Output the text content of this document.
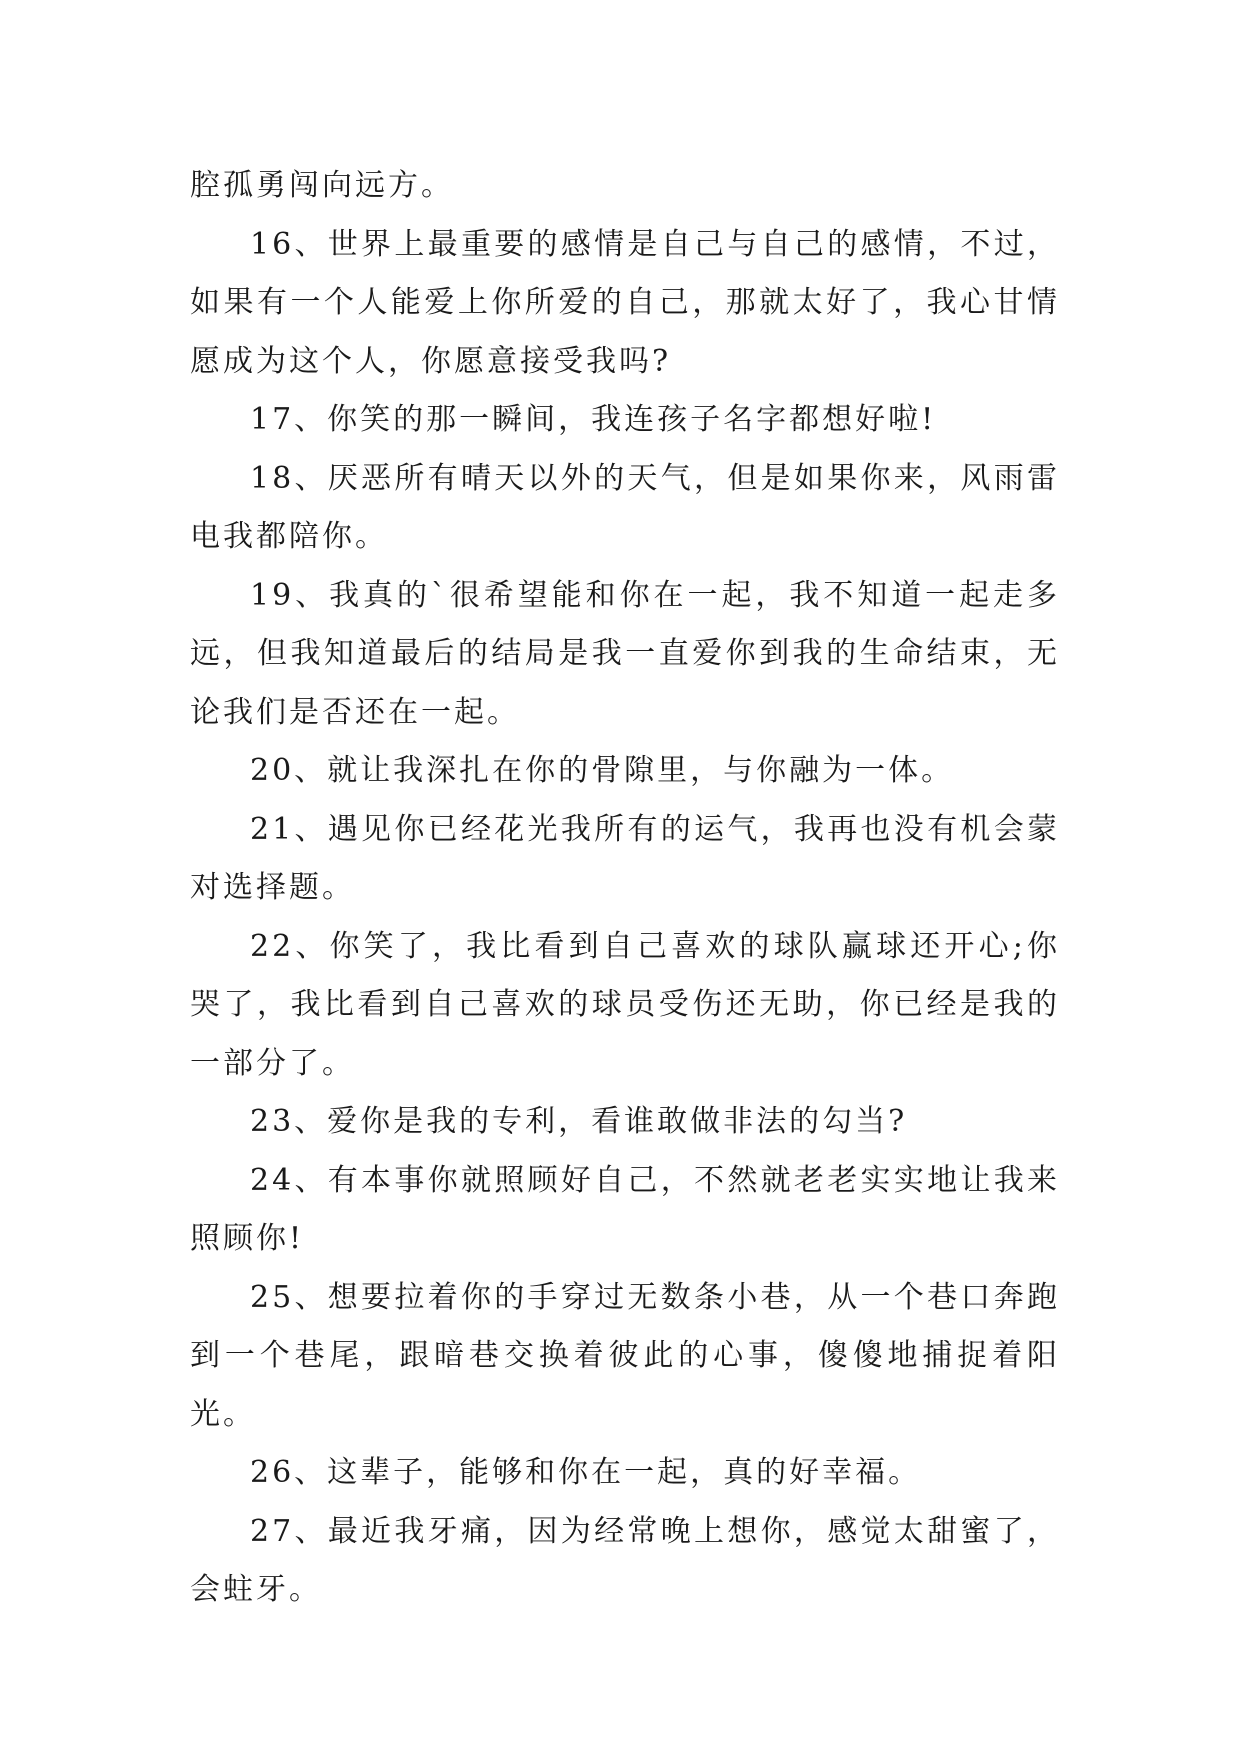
腔孤勇闯向远方。

16、世界上最重要的感情是自己与自己的感情，不过，如果有一个人能爱上你所爱的自己，那就太好了，我心甘情愿成为这个人，你愿意接受我吗?

17、你笑的那一瞬间，我连孩子名字都想好啦!

18、厌恶所有晴天以外的天气，但是如果你来，风雨雷电我都陪你。

19、我真的`很希望能和你在一起，我不知道一起走多远，但我知道最后的结局是我一直爱你到我的生命结束，无论我们是否还在一起。

20、就让我深扎在你的骨隙里，与你融为一体。

21、遇见你已经花光我所有的运气，我再也没有机会蒙对选择题。

22、你笑了，我比看到自己喜欢的球队赢球还开心;你哭了，我比看到自己喜欢的球员受伤还无助，你已经是我的一部分了。

23、爱你是我的专利，看谁敢做非法的勾当?

24、有本事你就照顾好自己，不然就老老实实地让我来照顾你!

25、想要拉着你的手穿过无数条小巷，从一个巷口奔跑到一个巷尾，跟暗巷交换着彼此的心事，傻傻地捕捉着阳光。

26、这辈子，能够和你在一起，真的好幸福。

27、最近我牙痛，因为经常晚上想你，感觉太甜蜜了，会蛀牙。
